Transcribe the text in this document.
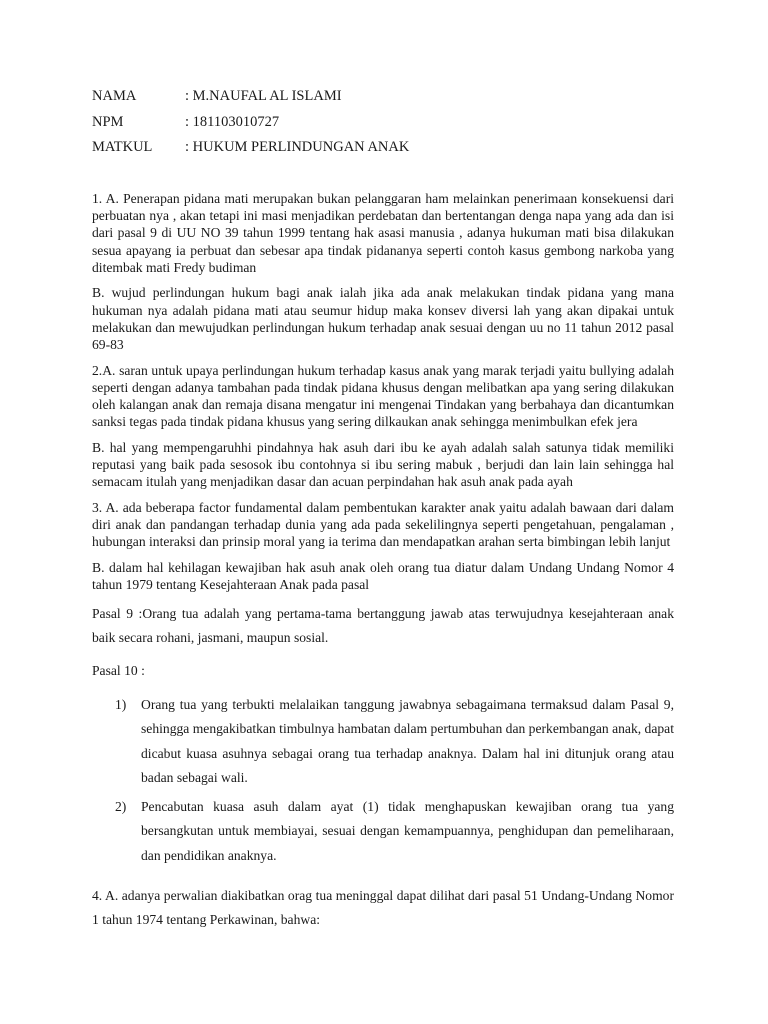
NAMA	: M.NAUFAL AL ISLAMI
NPM	: 181103010727
MATKUL	: HUKUM PERLINDUNGAN ANAK

1. A. Penerapan pidana mati merupakan bukan pelanggaran ham melainkan penerimaan konsekuensi dari perbuatan nya , akan tetapi ini masi menjadikan perdebatan dan bertentangan denga napa yang ada dan isi dari pasal 9 di UU NO 39 tahun 1999 tentang hak asasi manusia , adanya hukuman mati bisa dilakukan sesua apayang ia perbuat dan sebesar apa tindak pidananya seperti contoh kasus gembong narkoba yang ditembak mati Fredy budiman

B. wujud perlindungan hukum bagi anak ialah jika ada anak melakukan tindak pidana yang mana hukuman nya adalah pidana mati atau seumur hidup maka konsev diversi lah yang akan dipakai untuk melakukan dan mewujudkan perlindungan hukum terhadap anak sesuai dengan uu no 11 tahun 2012 pasal 69-83

2.A. saran untuk upaya perlindungan hukum terhadap kasus anak yang marak terjadi yaitu bullying adalah seperti dengan adanya tambahan pada tindak pidana khusus dengan melibatkan apa yang sering dilakukan oleh kalangan anak dan remaja disana mengatur ini mengenai Tindakan yang berbahaya dan dicantumkan sanksi tegas pada tindak pidana khusus yang sering dilkaukan anak sehingga menimbulkan efek jera

B. hal yang mempengaruhhi pindahnya hak asuh dari ibu ke ayah adalah salah satunya tidak memiliki reputasi yang baik pada sesosok ibu contohnya si ibu sering mabuk , berjudi dan lain lain sehingga hal semacam itulah yang menjadikan dasar dan acuan perpindahan hak asuh anak pada ayah

3. A. ada beberapa factor fundamental dalam pembentukan karakter anak yaitu adalah bawaan dari dalam diri anak dan pandangan terhadap dunia yang ada pada sekelilingnya seperti pengetahuan, pengalaman , hubungan interaksi dan prinsip moral yang ia terima dan mendapatkan arahan serta bimbingan lebih lanjut

B. dalam hal kehilagan kewajiban hak asuh anak oleh orang tua diatur dalam Undang Undang Nomor 4 tahun 1979 tentang Kesejahteraan Anak pada pasal

Pasal 9 :Orang tua adalah yang pertama-tama bertanggung jawab atas terwujudnya kesejahteraan anak baik secara rohani, jasmani, maupun sosial.

Pasal 10 :

1)	Orang tua yang terbukti melalaikan tanggung jawabnya sebagaimana termaksud dalam Pasal 9, sehingga mengakibatkan timbulnya hambatan dalam pertumbuhan dan perkembangan anak, dapat dicabut kuasa asuhnya sebagai orang tua terhadap anaknya. Dalam hal ini ditunjuk orang atau badan sebagai wali.
2)	Pencabutan kuasa asuh dalam ayat (1) tidak menghapuskan kewajiban orang tua yang bersangkutan untuk membiayai, sesuai dengan kemampuannya, penghidupan dan pemeliharaan, dan pendidikan anaknya.

4. A. adanya perwalian diakibatkan orag tua meninggal dapat dilihat dari pasal 51 Undang-Undang Nomor 1 tahun 1974 tentang Perkawinan, bahwa:
